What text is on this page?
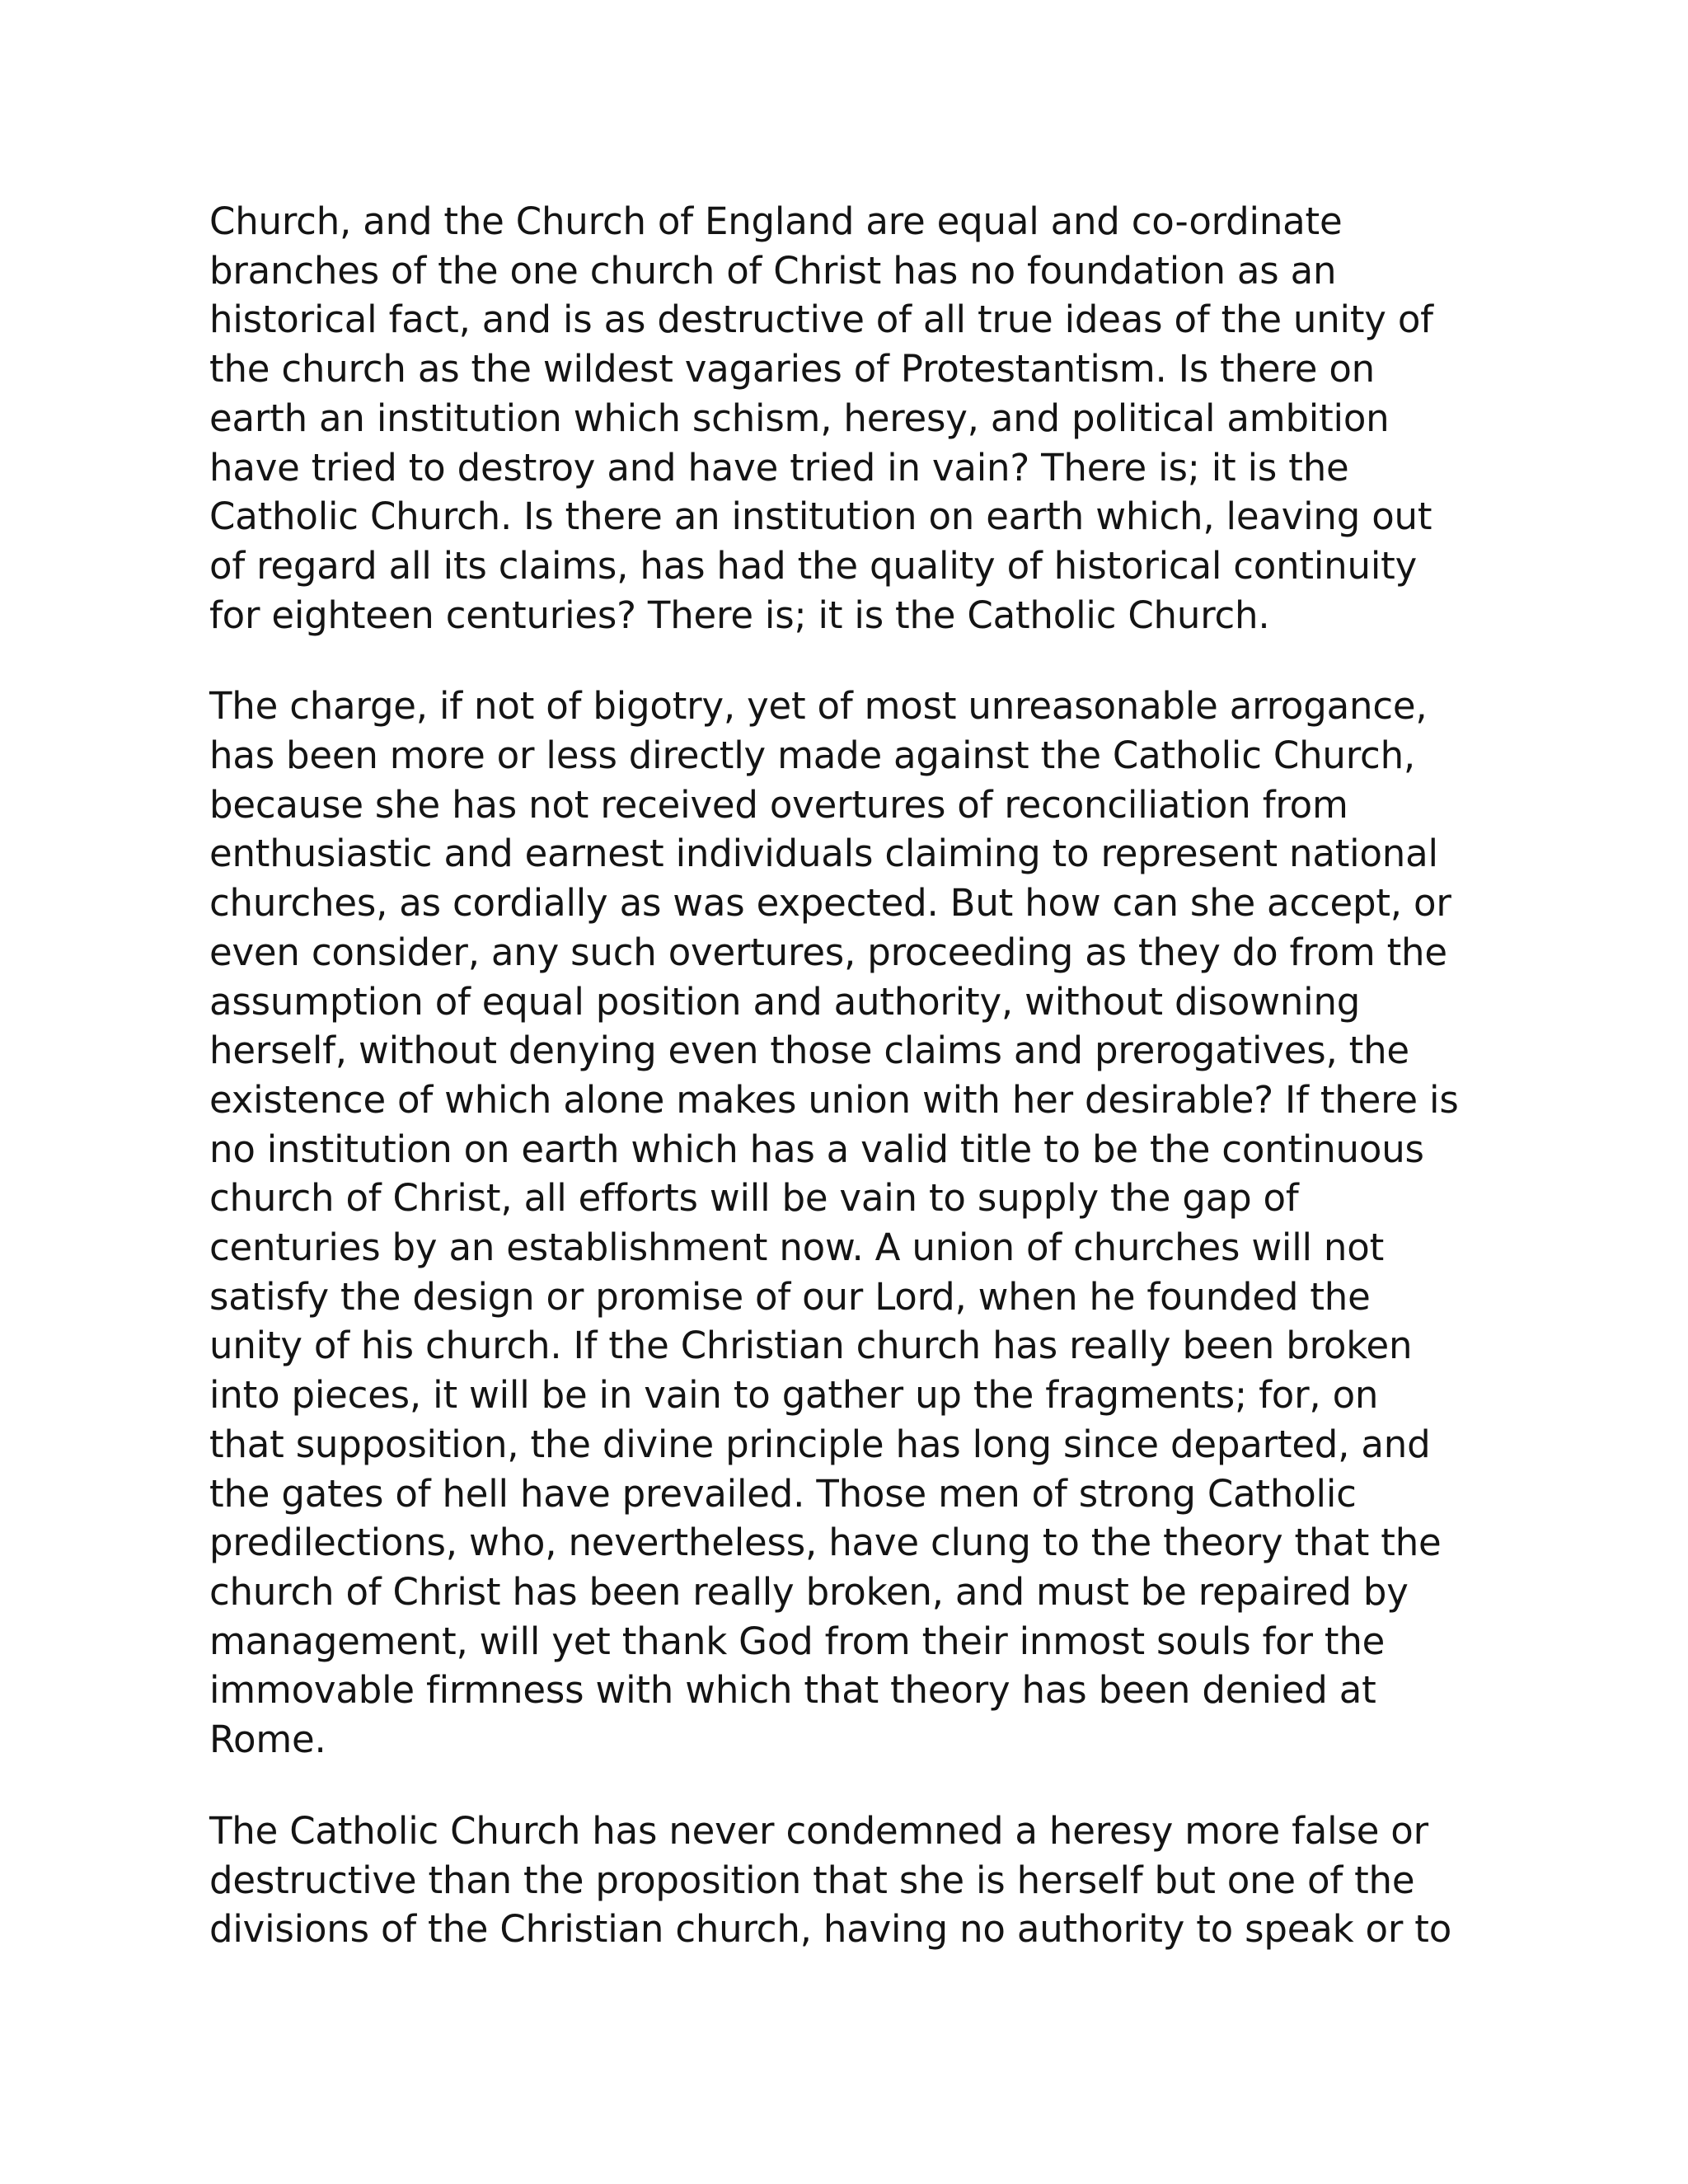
Church, and the Church of England are equal and co-ordinate
branches of the one church of Christ has no foundation as an
historical fact, and is as destructive of all true ideas of the unity of
the church as the wildest vagaries of Protestantism. Is there on
earth an institution which schism, heresy, and political ambition
have tried to destroy and have tried in vain? There is; it is the
Catholic Church. Is there an institution on earth which, leaving out
of regard all its claims, has had the quality of historical continuity
for eighteen centuries? There is; it is the Catholic Church.
The charge, if not of bigotry, yet of most unreasonable arrogance,
has been more or less directly made against the Catholic Church,
because she has not received overtures of reconciliation from
enthusiastic and earnest individuals claiming to represent national
churches, as cordially as was expected. But how can she accept, or
even consider, any such overtures, proceeding as they do from the
assumption of equal position and authority, without disowning
herself, without denying even those claims and prerogatives, the
existence of which alone makes union with her desirable? If there is
no institution on earth which has a valid title to be the continuous
church of Christ, all efforts will be vain to supply the gap of
centuries by an establishment now. A union of churches will not
satisfy the design or promise of our Lord, when he founded the
unity of his church. If the Christian church has really been broken
into pieces, it will be in vain to gather up the fragments; for, on
that supposition, the divine principle has long since departed, and
the gates of hell have prevailed. Those men of strong Catholic
predilections, who, nevertheless, have clung to the theory that the
church of Christ has been really broken, and must be repaired by
management, will yet thank God from their inmost souls for the
immovable firmness with which that theory has been denied at
Rome.
The Catholic Church has never condemned a heresy more false or
destructive than the proposition that she is herself but one of the
divisions of the Christian church, having no authority to speak or to
